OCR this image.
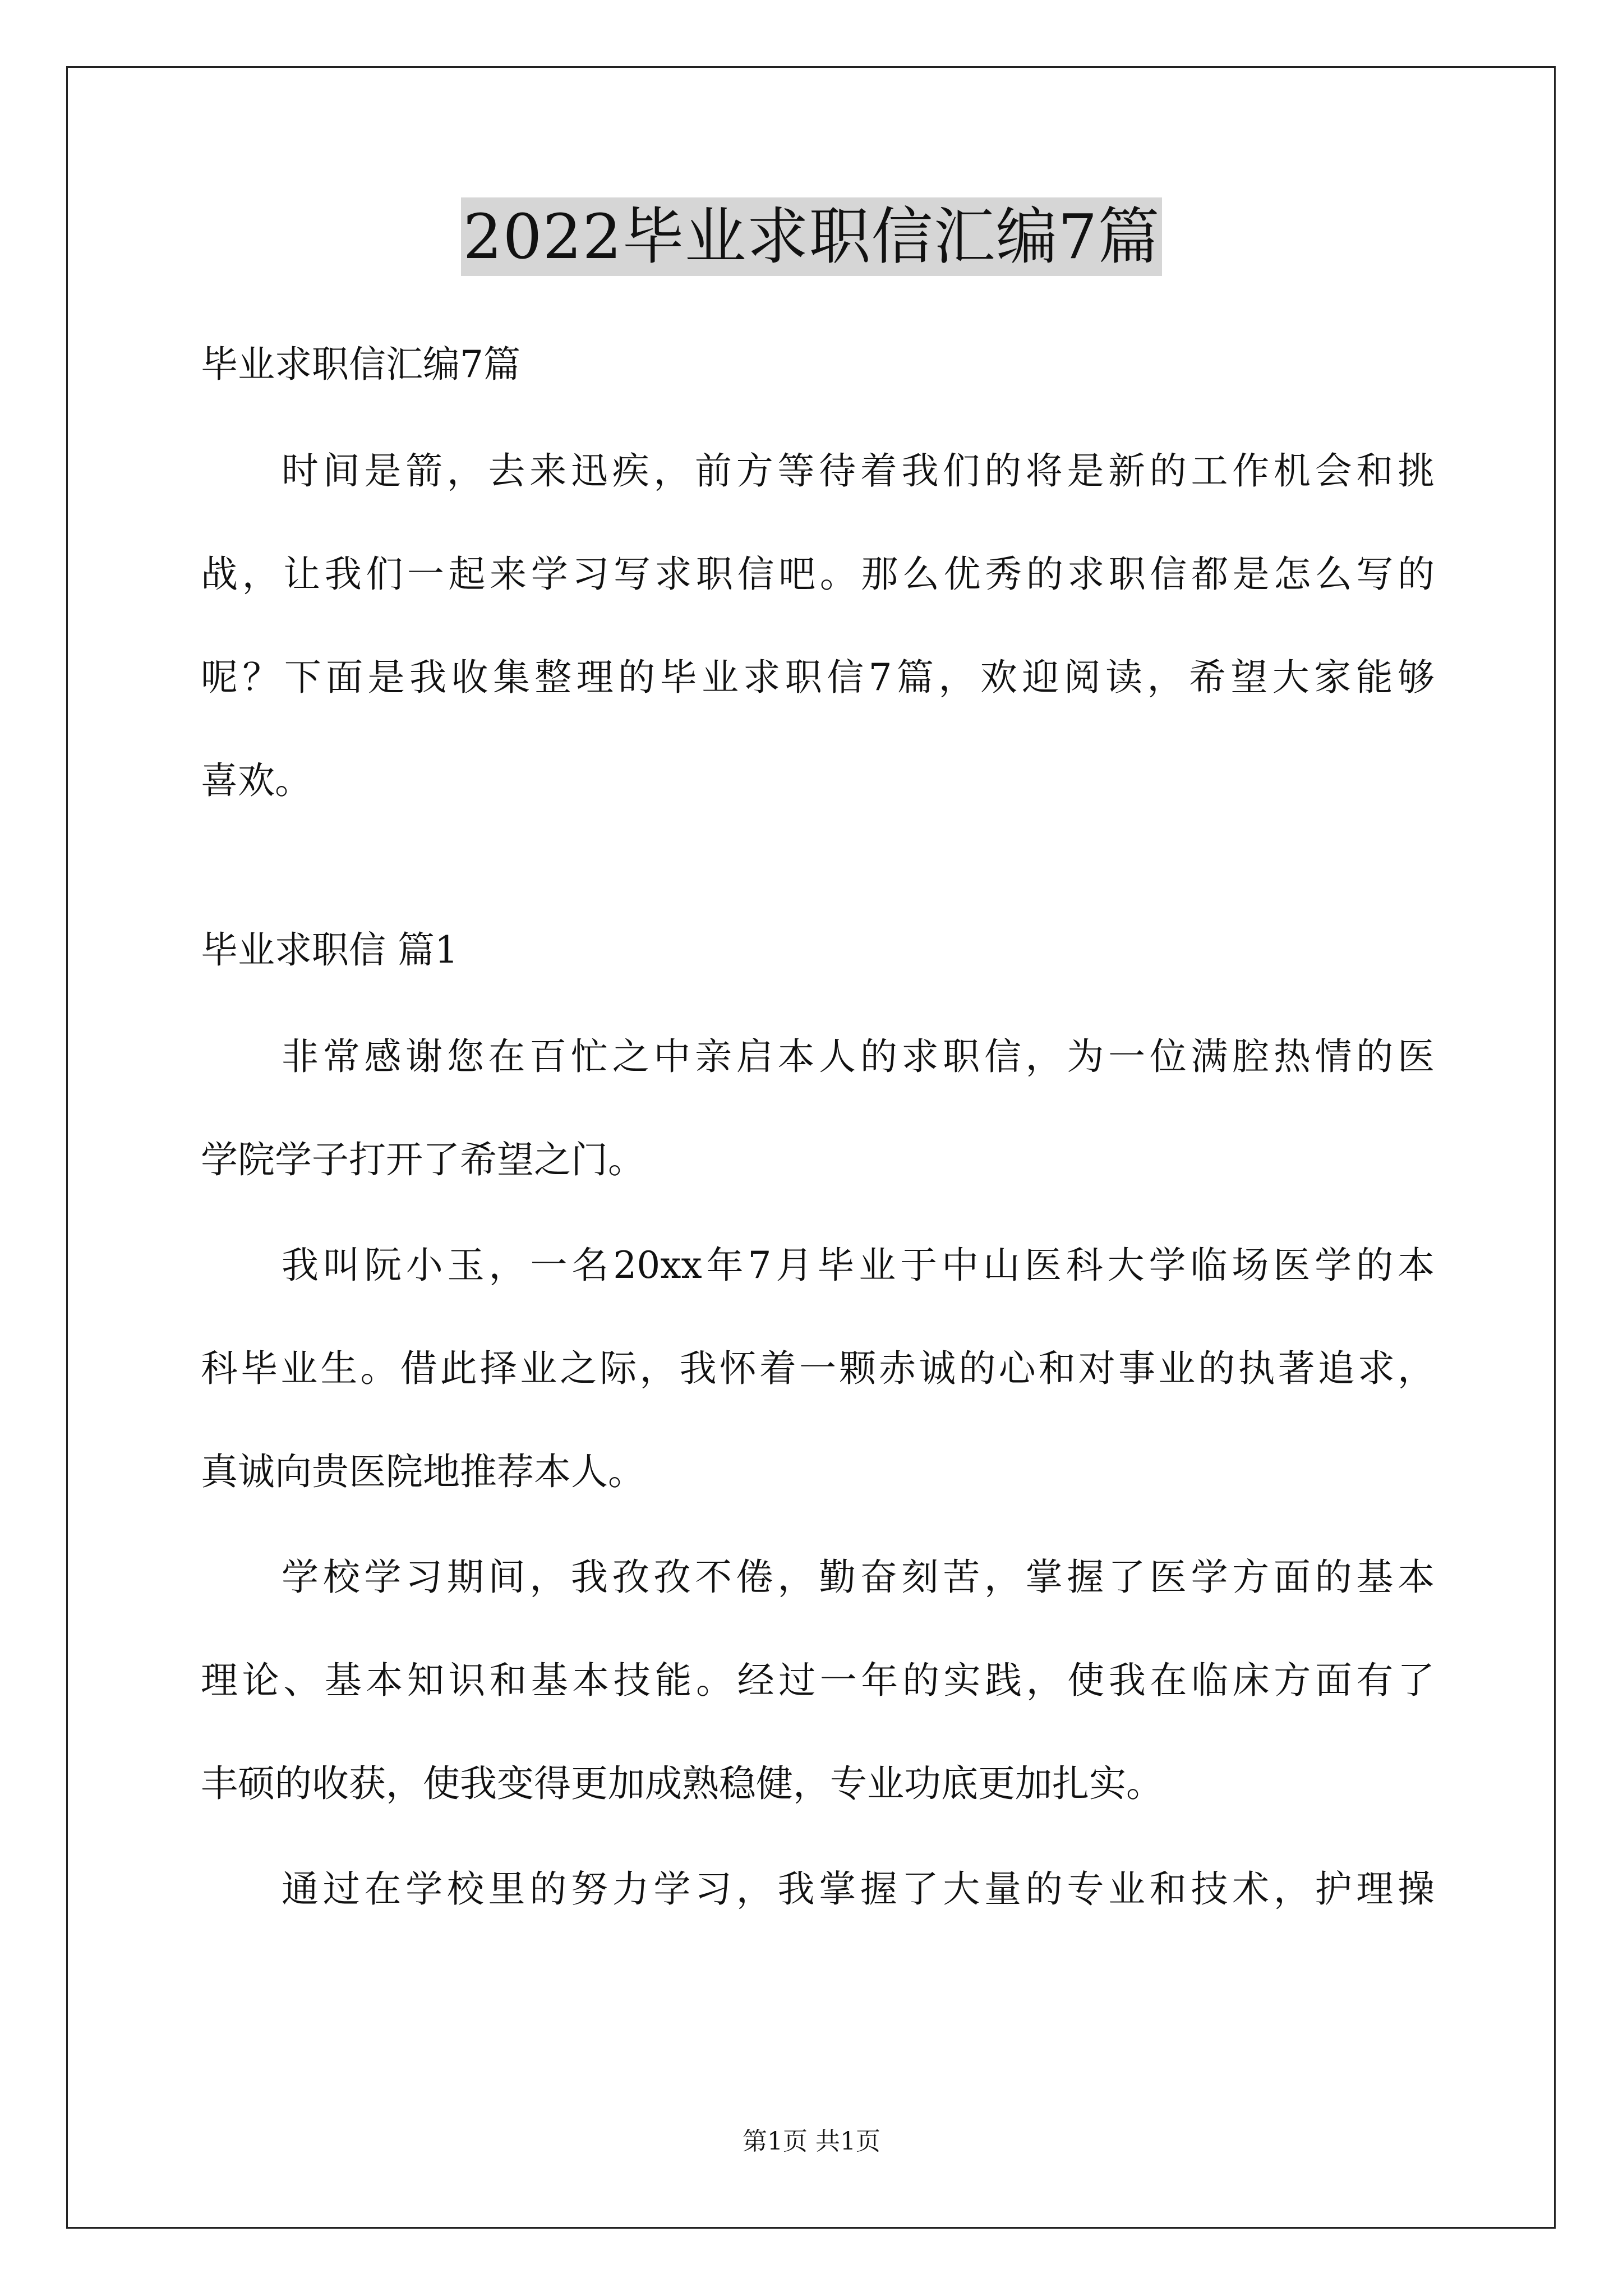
2022毕业求职信汇编7篇
毕业求职信汇编7篇
时间是箭，去来迅疾，前方等待着我们的将是新的工作机会和挑
战，让我们一起来学习写求职信吧。那么优秀的求职信都是怎么写的
呢？下面是我收集整理的毕业求职信7篇，欢迎阅读，希望大家能够
喜欢。
毕业求职信 篇1
非常感谢您在百忙之中亲启本人的求职信，为一位满腔热情的医
学院学子打开了希望之门。
我叫阮小玉，一名20xx年7月毕业于中山医科大学临场医学的本
科毕业生。借此择业之际，我怀着一颗赤诚的心和对事业的执著追求，
真诚向贵医院地推荐本人。
学校学习期间，我孜孜不倦，勤奋刻苦，掌握了医学方面的基本
理论、基本知识和基本技能。经过一年的实践，使我在临床方面有了
丰硕的收获，使我变得更加成熟稳健，专业功底更加扎实。
通过在学校里的努力学习，我掌握了大量的专业和技术，护理操
第1页 共1页
